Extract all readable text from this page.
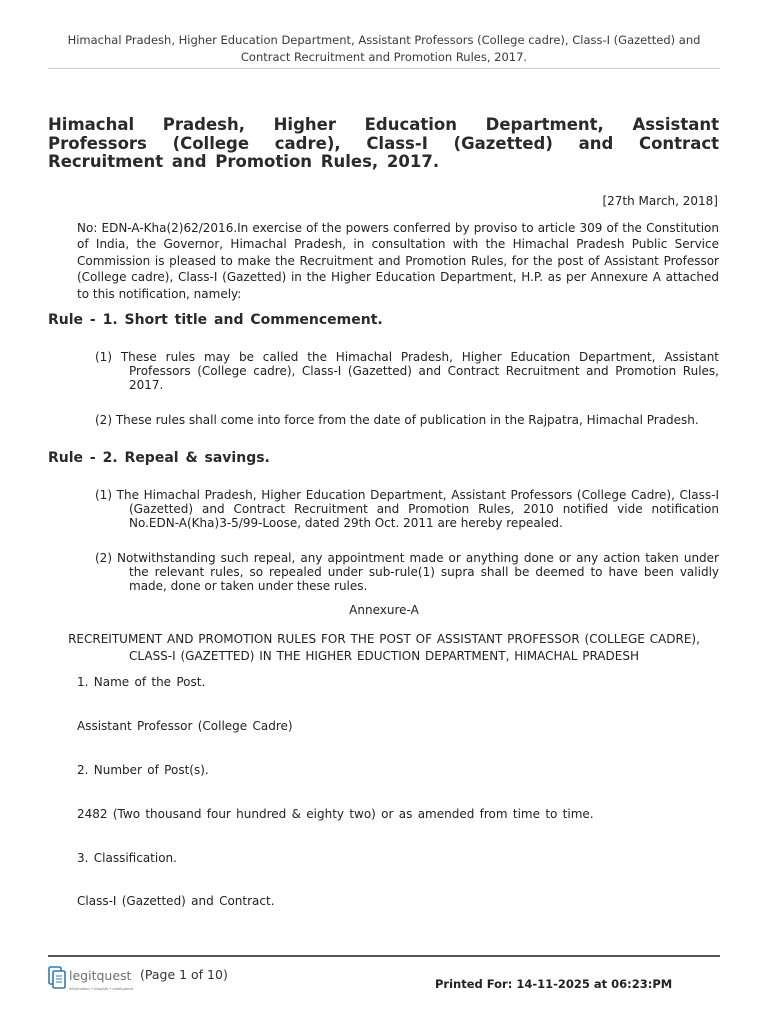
Himachal Pradesh, Higher Education Department, Assistant Professors (College cadre), Class-I (Gazetted) and Contract Recruitment and Promotion Rules, 2017.
Himachal Pradesh, Higher Education Department, Assistant Professors (College cadre), Class-I (Gazetted) and Contract Recruitment and Promotion Rules, 2017.
[27th March, 2018]
No: EDN-A-Kha(2)62/2016.In exercise of the powers conferred by proviso to article 309 of the Constitution of India, the Governor, Himachal Pradesh, in consultation with the Himachal Pradesh Public Service Commission is pleased to make the Recruitment and Promotion Rules, for the post of Assistant Professor (College cadre), Class-I (Gazetted) in the Higher Education Department, H.P. as per Annexure A attached to this notification, namely:
Rule - 1. Short title and Commencement.
(1) These rules may be called the Himachal Pradesh, Higher Education Department, Assistant Professors (College cadre), Class-I (Gazetted) and Contract Recruitment and Promotion Rules, 2017.
(2) These rules shall come into force from the date of publication in the Rajpatra, Himachal Pradesh.
Rule - 2. Repeal & savings.
(1) The Himachal Pradesh, Higher Education Department, Assistant Professors (College Cadre), Class-I (Gazetted) and Contract Recruitment and Promotion Rules, 2010 notified vide notification No.EDN-A(Kha)3-5/99-Loose, dated 29th Oct. 2011 are hereby repealed.
(2) Notwithstanding such repeal, any appointment made or anything done or any action taken under the relevant rules, so repealed under sub-rule(1) supra shall be deemed to have been validly made, done or taken under these rules.
Annexure-A
RECREITUMENT AND PROMOTION RULES FOR THE POST OF ASSISTANT PROFESSOR (COLLEGE CADRE), CLASS-I (GAZETTED) IN THE HIGHER EDUCTION DEPARTMENT, HIMACHAL PRADESH
1. Name of the Post.
Assistant Professor (College Cadre)
2. Number of Post(s).
2482 (Two thousand four hundred & eighty two) or as amended from time to time.
3. Classification.
Class-I (Gazetted) and Contract.
legitquest
information • insights • intelligence
(Page 1 of 10)
Printed For: 14-11-2025 at 06:23:PM
